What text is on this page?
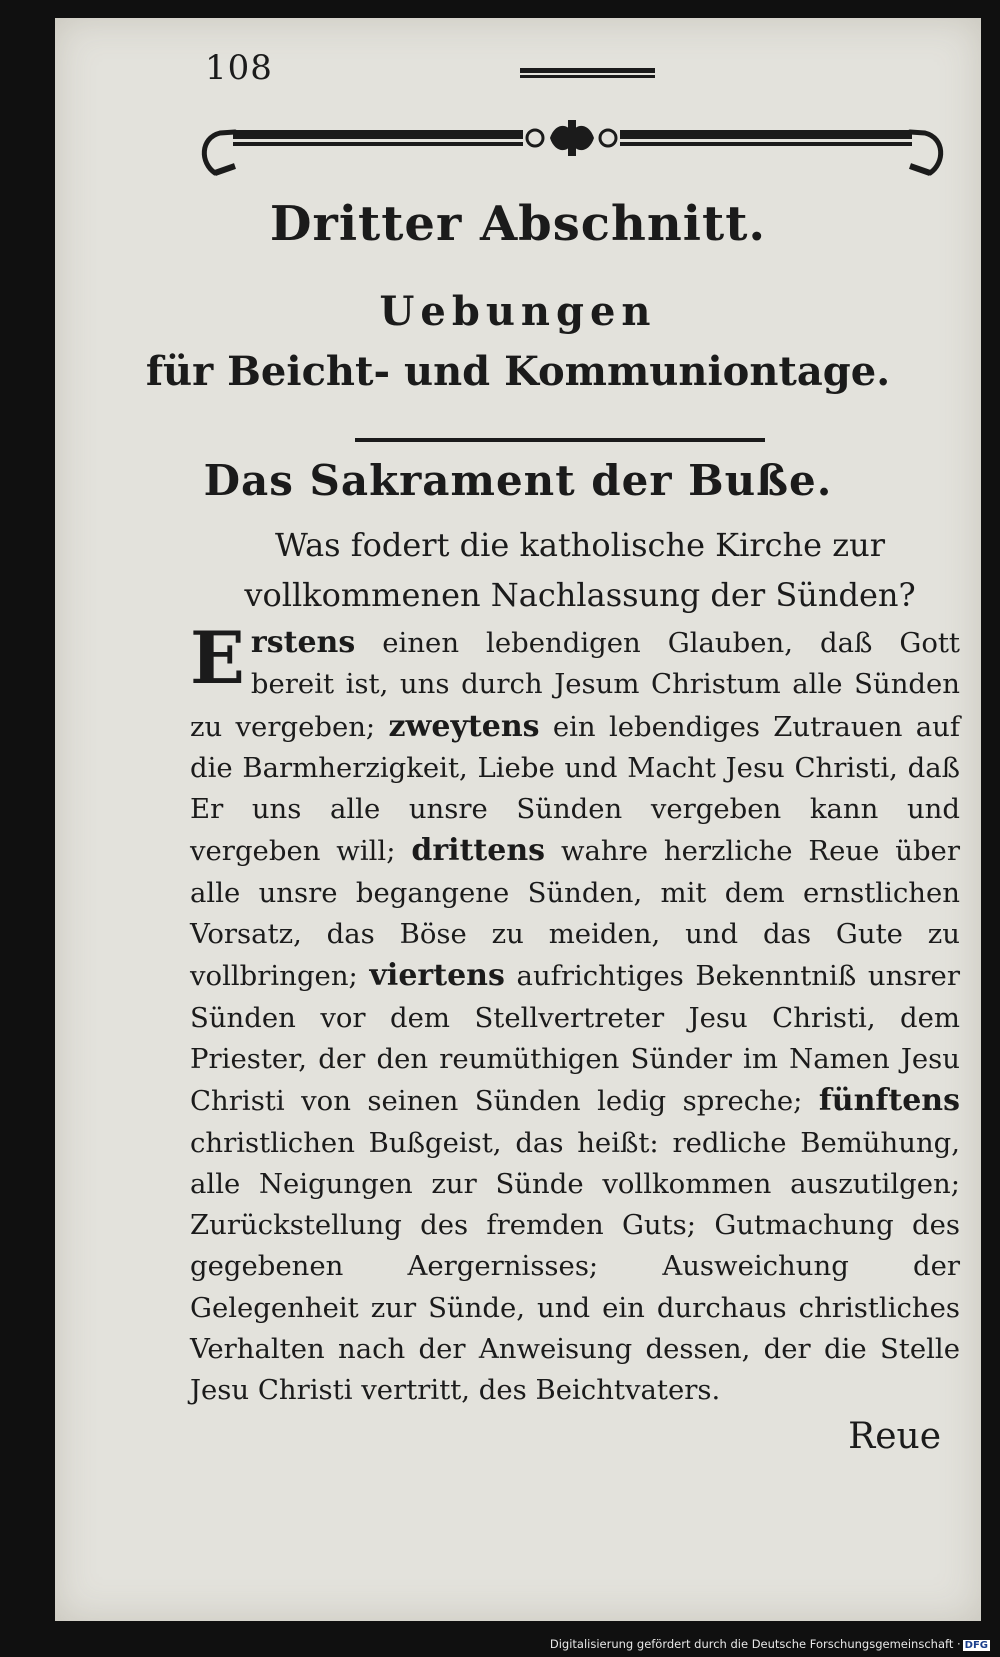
108
Dritter Abschnitt.
Uebungen
für Beicht- und Kommuniontage.
Das Sakrament der Buße.
Was fodert die katholische Kirche zur vollkommenen Nachlassung der Sünden?
Erstens einen lebendigen Glauben, daß Gott bereit ist, uns durch Jesum Christum alle Sünden zu vergeben; zweytens ein lebendiges Zutrauen auf die Barmherzigkeit, Liebe und Macht Jesu Christi, daß Er uns alle unsre Sünden vergeben kann und vergeben will; drittens wahre herzliche Reue über alle unsre begangene Sünden, mit dem ernstlichen Vorsatz, das Böse zu meiden, und das Gute zu vollbringen; viertens aufrichtiges Bekenntniß unsrer Sünden vor dem Stellvertreter Jesu Christi, dem Priester, der den reumüthigen Sünder im Namen Jesu Christi von seinen Sünden ledig spreche; fünftens christlichen Bußgeist, das heißt: redliche Bemühung, alle Neigungen zur Sünde vollkommen auszutilgen; Zurückstellung des fremden Guts; Gutmachung des gegebenen Aergernisses; Ausweichung der Gelegenheit zur Sünde, und ein durchaus christliches Verhalten nach der Anweisung dessen, der die Stelle Jesu Christi vertritt, des Beichtvaters.
Reue
Digitalisierung gefördert durch die Deutsche Forschungsgemeinschaft · DFG
